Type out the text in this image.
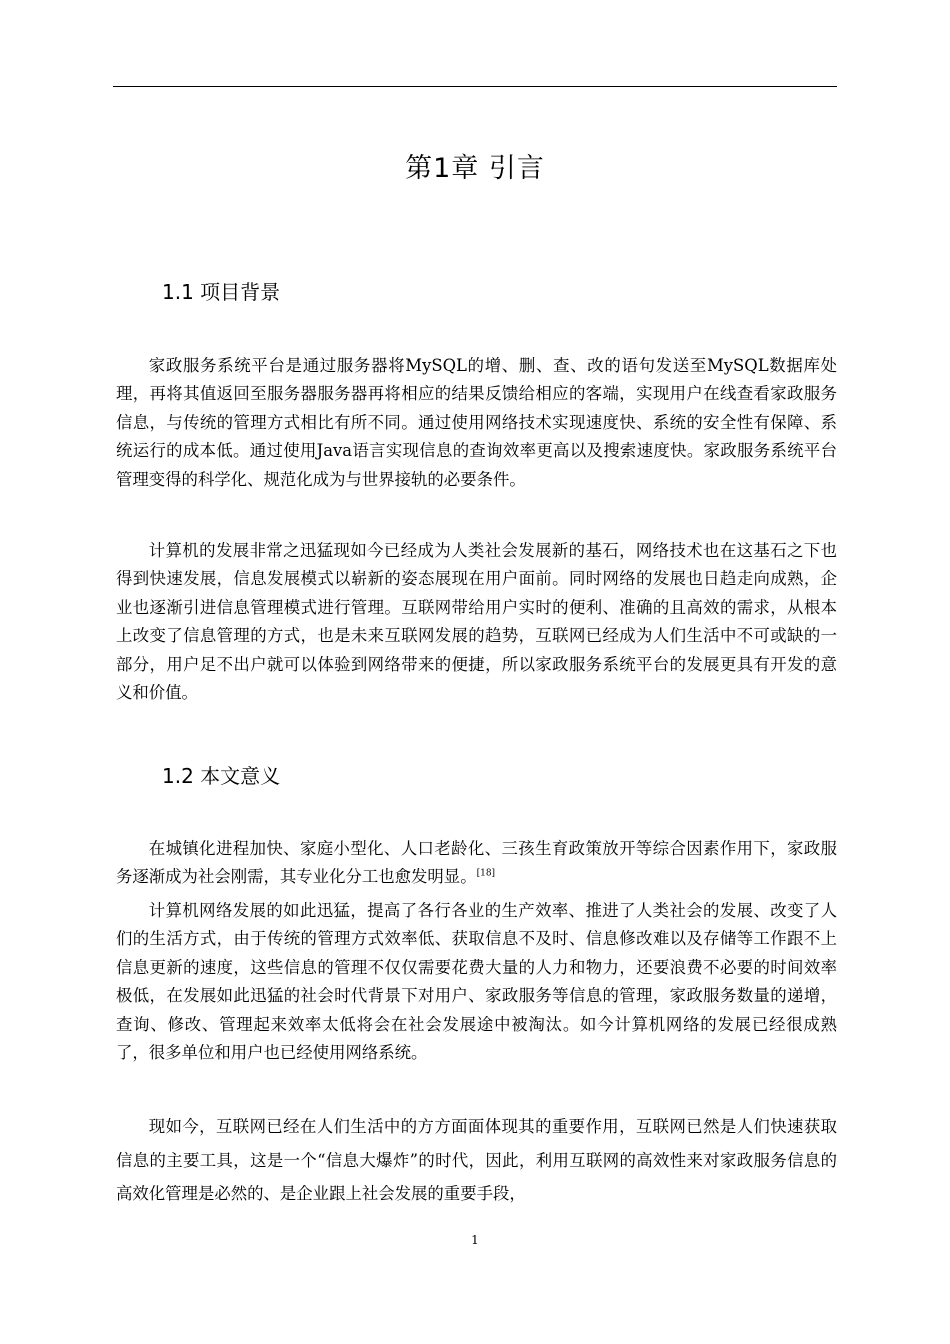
第1章 引言
1.1 项目背景

家政服务系统平台是通过服务器将MySQL的增、删、查、改的语句发送至MySQL数据库处理，再将其值返回至服务器服务器再将相应的结果反馈给相应的客端，实现用户在线查看家政服务信息，与传统的管理方式相比有所不同。通过使用网络技术实现速度快、系统的安全性有保障、系统运行的成本低。通过使用Java语言实现信息的查询效率更高以及搜索速度快。家政服务系统平台管理变得的科学化、规范化成为与世界接轨的必要条件。

计算机的发展非常之迅猛现如今已经成为人类社会发展新的基石，网络技术也在这基石之下也得到快速发展，信息发展模式以崭新的姿态展现在用户面前。同时网络的发展也日趋走向成熟，企业也逐渐引进信息管理模式进行管理。互联网带给用户实时的便利、准确的且高效的需求，从根本上改变了信息管理的方式，也是未来互联网发展的趋势，互联网已经成为人们生活中不可或缺的一部分，用户足不出户就可以体验到网络带来的便捷，所以家政服务系统平台的发展更具有开发的意义和价值。

1.2 本文意义

在城镇化进程加快、家庭小型化、人口老龄化、三孩生育政策放开等综合因素作用下，家政服务逐渐成为社会刚需，其专业化分工也愈发明显。[18]

计算机网络发展的如此迅猛，提高了各行各业的生产效率、推进了人类社会的发展、改变了人们的生活方式，由于传统的管理方式效率低、获取信息不及时、信息修改难以及存储等工作跟不上信息更新的速度，这些信息的管理不仅仅需要花费大量的人力和物力，还要浪费不必要的时间效率极低，在发展如此迅猛的社会时代背景下对用户、家政服务等信息的管理，家政服务数量的递增，查询、修改、管理起来效率太低将会在社会发展途中被淘汰。如今计算机网络的发展已经很成熟了，很多单位和用户也已经使用网络系统。

现如今，互联网已经在人们生活中的方方面面体现其的重要作用，互联网已然是人们快速获取信息的主要工具，这是一个“信息大爆炸”的时代，因此，利用互联网的高效性来对家政服务信息的高效化管理是必然的、是企业跟上社会发展的重要手段，

1
